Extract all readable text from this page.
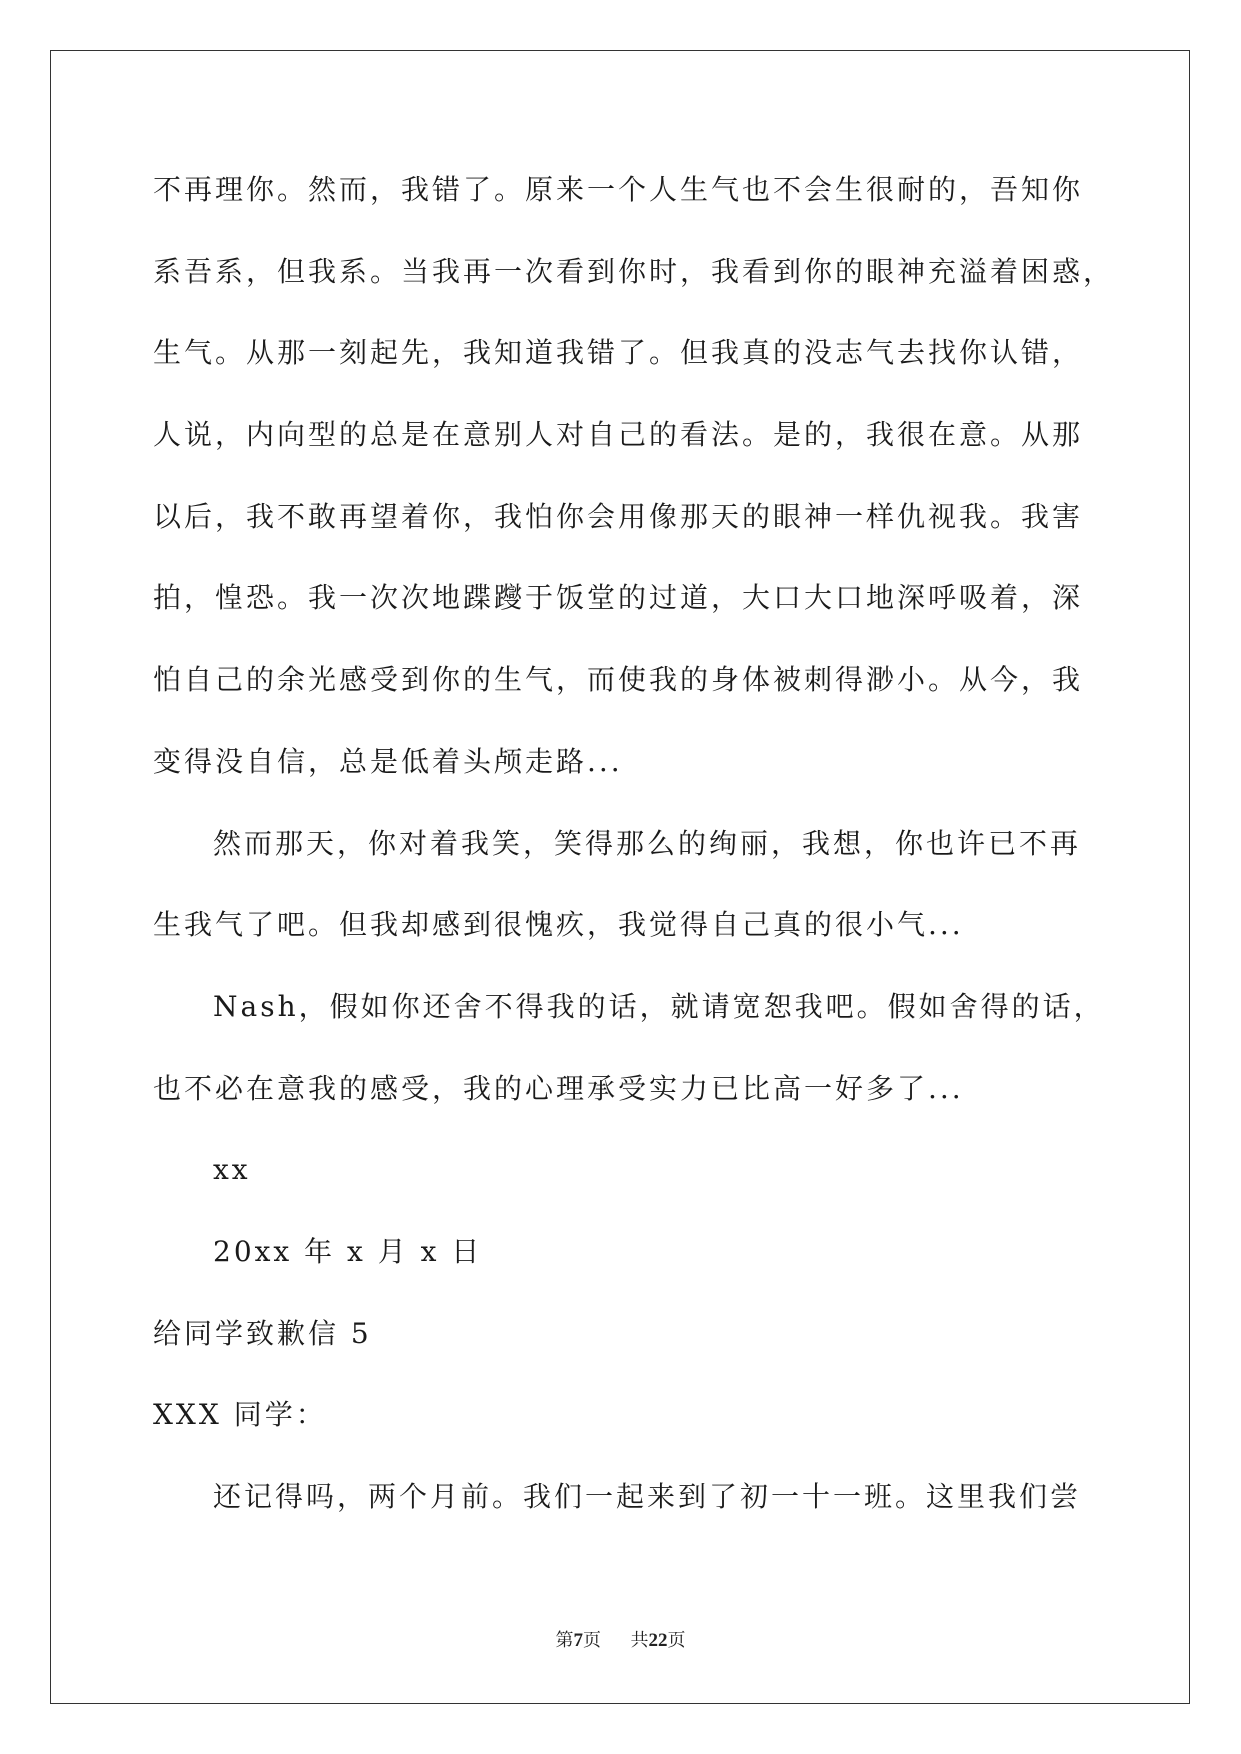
不再理你。然而，我错了。原来一个人生气也不会生很耐的，吾知你
系吾系，但我系。当我再一次看到你时，我看到你的眼神充溢着困惑，
生气。从那一刻起先，我知道我错了。但我真的没志气去找你认错，
人说，内向型的总是在意别人对自己的看法。是的，我很在意。从那
以后，我不敢再望着你，我怕你会用像那天的眼神一样仇视我。我害
拍，惶恐。我一次次地蹀躞于饭堂的过道，大口大口地深呼吸着，深
怕自己的余光感受到你的生气，而使我的身体被刺得渺小。从今，我
变得没自信，总是低着头颅走路...
然而那天，你对着我笑，笑得那么的绚丽，我想，你也许已不再
生我气了吧。但我却感到很愧疚，我觉得自己真的很小气...
Nash，假如你还舍不得我的话，就请宽恕我吧。假如舍得的话，
也不必在意我的感受，我的心理承受实力已比高一好多了...
xx
20xx 年 x 月 x 日
给同学致歉信 5
XXX 同学：
还记得吗，两个月前。我们一起来到了初一十一班。这里我们尝
第7页 共22页
